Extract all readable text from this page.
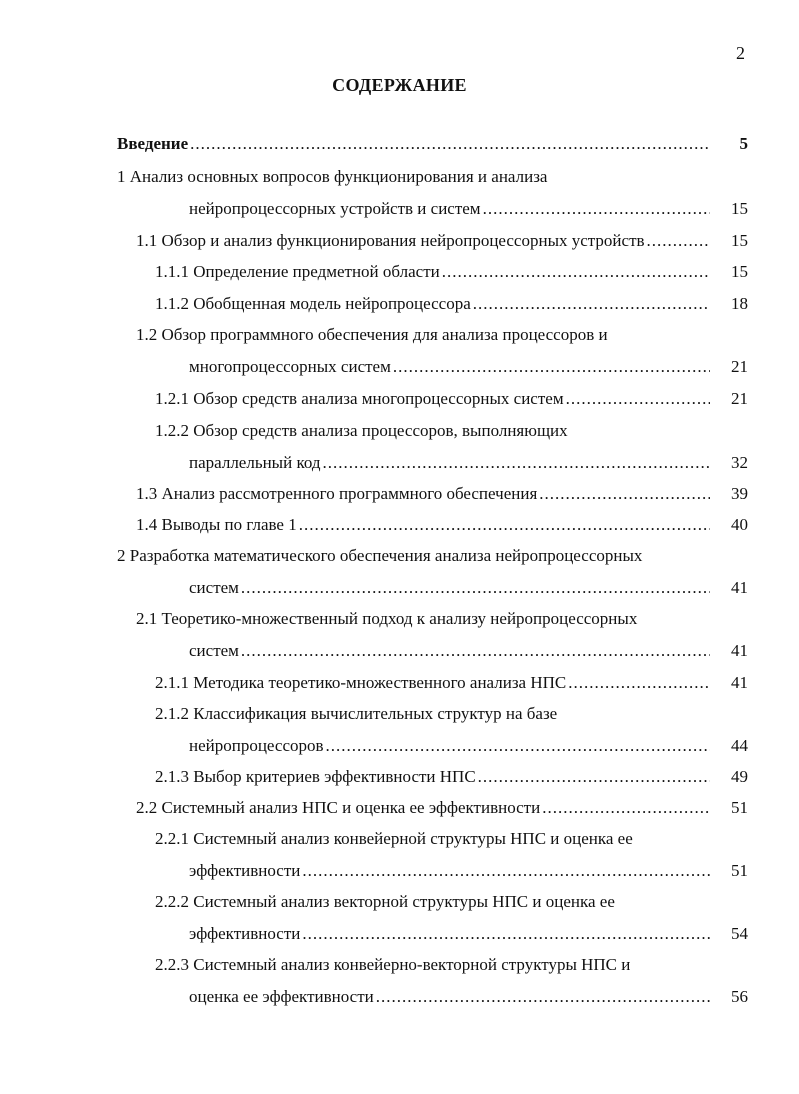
2
СОДЕРЖАНИЕ
Введение .....	5
1 Анализ основных вопросов функционирования и анализа
нейропроцессорных устройств и систем .....	15
1.1 Обзор и анализ функционирования нейропроцессорных устройств .....	15
1.1.1 Определение предметной области .....	15
1.1.2 Обобщенная модель нейропроцессора .....	18
1.2 Обзор программного обеспечения для анализа процессоров и
многопроцессорных систем .....	21
1.2.1 Обзор средств анализа многопроцессорных систем .....	21
1.2.2 Обзор средств анализа процессоров, выполняющих
параллельный код .....	32
1.3 Анализ рассмотренного программного обеспечения .....	39
1.4 Выводы по главе 1 .....	40
2 Разработка математического обеспечения анализа нейропроцессорных
систем .....	41
2.1 Теоретико-множественный подход к анализу нейропроцессорных
систем .....	41
2.1.1 Методика теоретико-множественного анализа НПС .....	41
2.1.2 Классификация вычислительных структур на базе
нейропроцессоров .....	44
2.1.3 Выбор критериев эффективности НПС .....	49
2.2 Системный анализ НПС и оценка ее эффективности .....	51
2.2.1 Системный анализ конвейерной структуры НПС и оценка ее
эффективности .....	51
2.2.2 Системный анализ векторной структуры НПС и оценка ее
эффективности .....	54
2.2.3 Системный анализ конвейерно-векторной структуры НПС и
оценка ее эффективности .....	56
